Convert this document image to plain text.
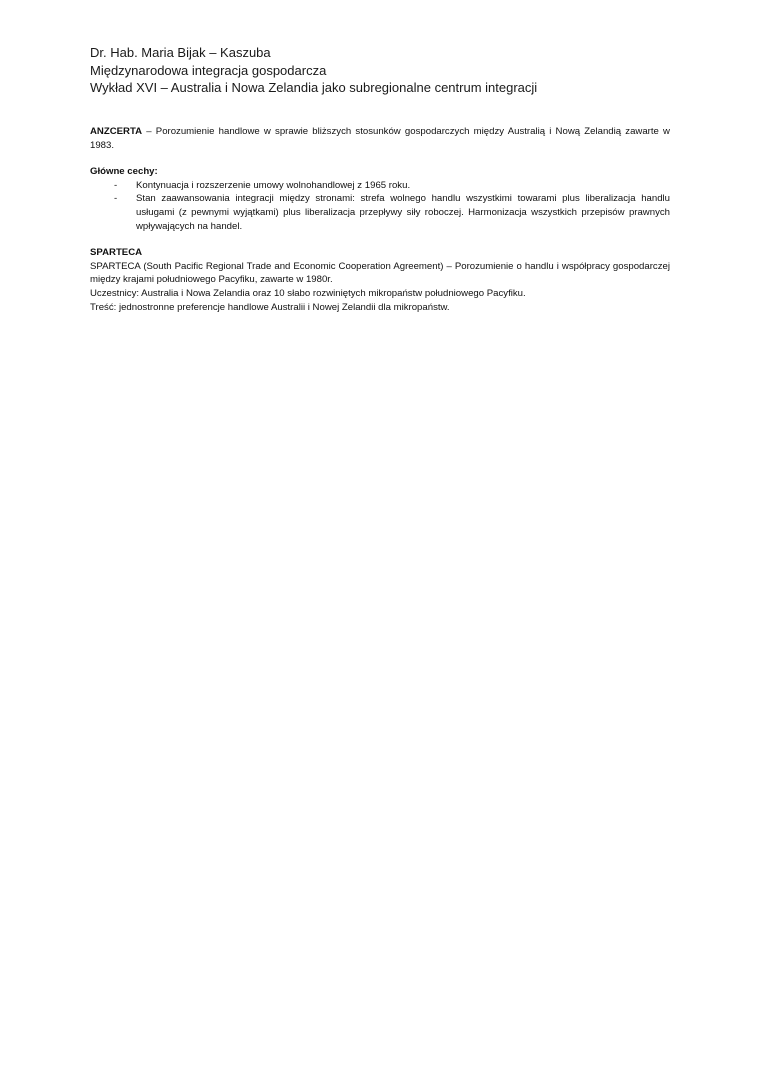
Dr. Hab. Maria Bijak – Kaszuba
Międzynarodowa integracja gospodarcza
Wykład XVI – Australia i Nowa Zelandia jako subregionalne centrum integracji

ANZCERTA – Porozumienie handlowe w sprawie bliższych stosunków gospodarczych między Australią i Nową Zelandią zawarte w 1983.

Główne cechy:

- Kontynuacja i rozszerzenie umowy wolnohandlowej z 1965 roku.
- Stan zaawansowania integracji między stronami: strefa wolnego handlu wszystkimi towarami plus liberalizacja handlu usługami (z pewnymi wyjątkami) plus liberalizacja przepływy siły roboczej. Harmonizacja wszystkich przepisów prawnych wpływających na handel.

SPARTECA

SPARTECA (South Pacific Regional Trade and Economic Cooperation Agreement) – Porozumienie o handlu i współpracy gospodarczej między krajami południowego Pacyfiku, zawarte w 1980r.

Uczestnicy: Australia i Nowa Zelandia oraz 10 słabo rozwiniętych mikropaństw południowego Pacyfiku.

Treść: jednostronne preferencje handlowe Australii i Nowej Zelandii dla mikropaństw.
